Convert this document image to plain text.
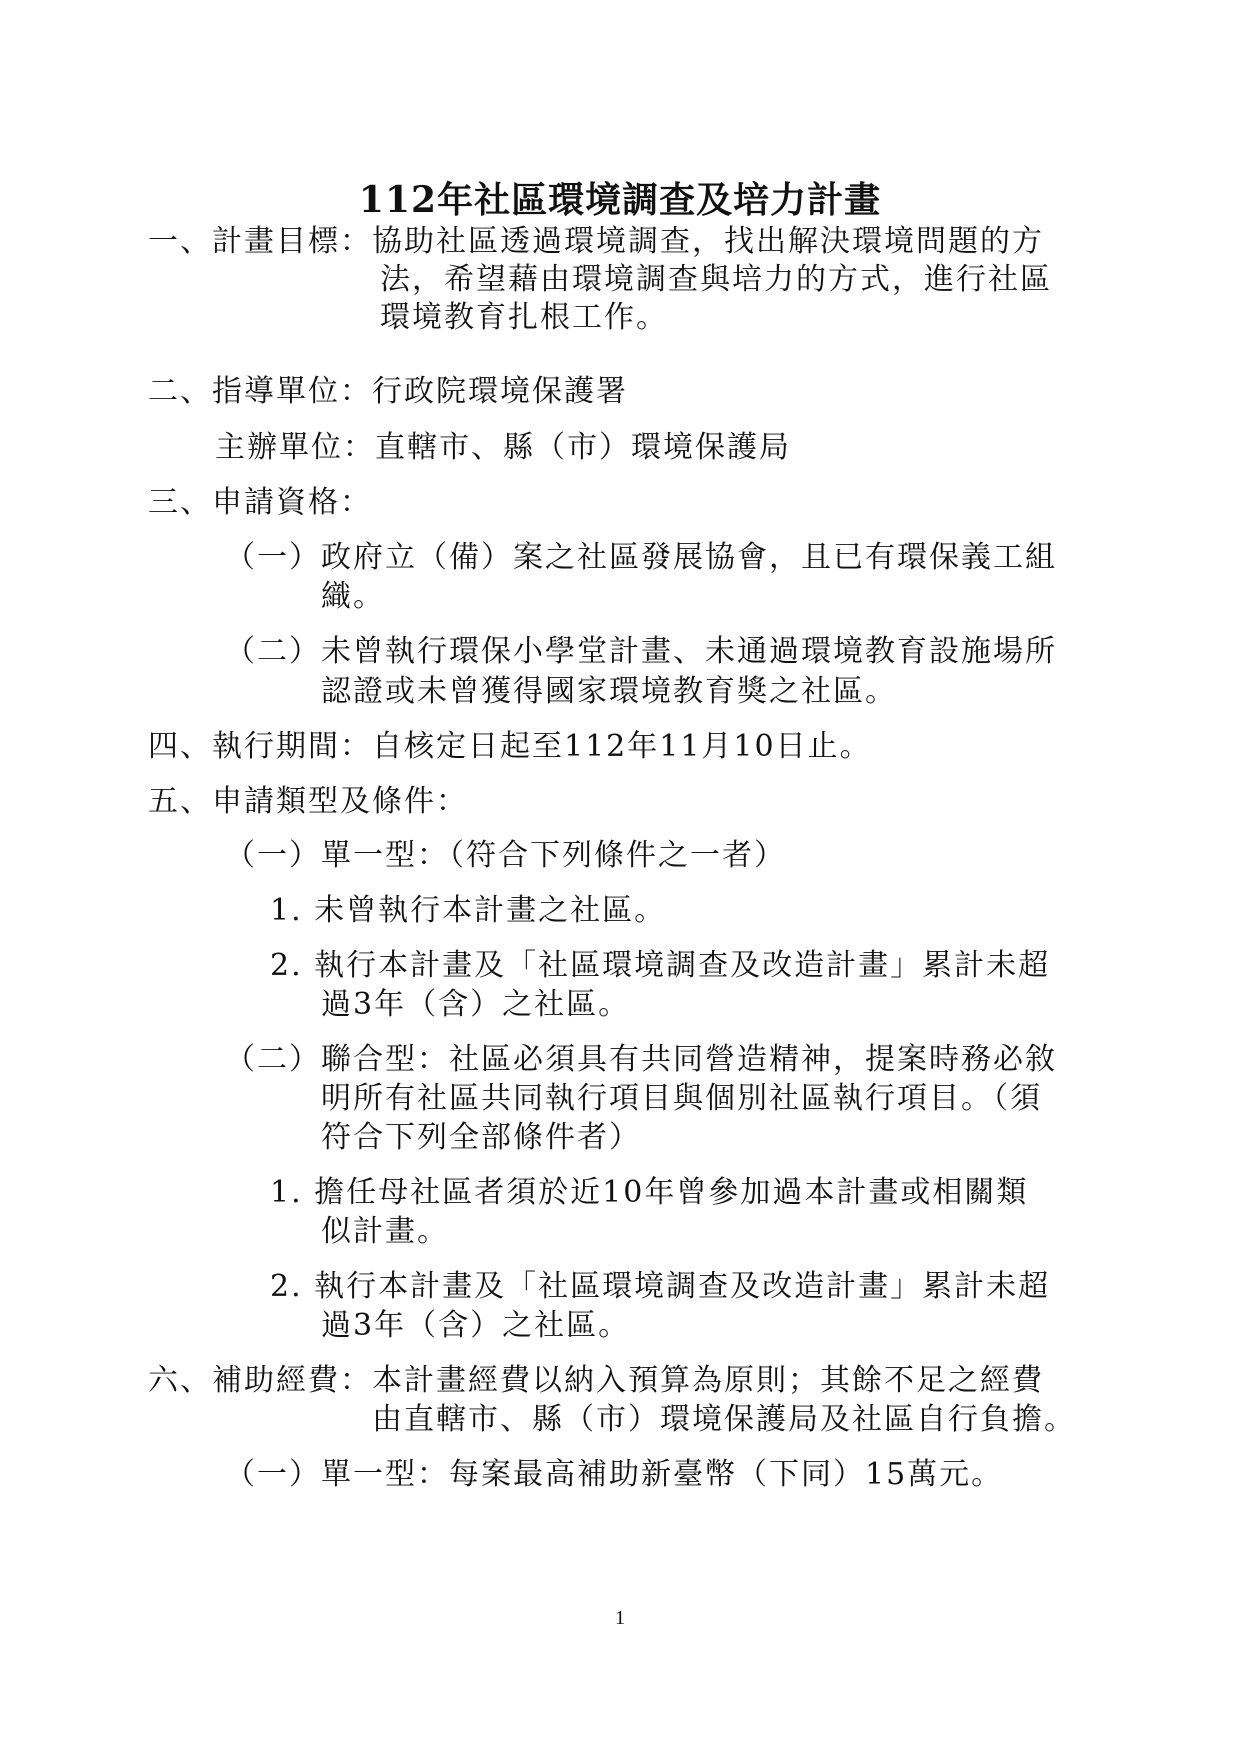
112年社區環境調查及培力計畫
一、計畫目標：協助社區透過環境調查，找出解決環境問題的方
法，希望藉由環境調查與培力的方式，進行社區
環境教育扎根工作。
二、指導單位：行政院環境保護署
主辦單位：直轄市、縣（市）環境保護局
三、申請資格：
（一）政府立（備）案之社區發展協會，且已有環保義工組
織。
（二）未曾執行環保小學堂計畫、未通過環境教育設施場所
認證或未曾獲得國家環境教育獎之社區。
四、執行期間：自核定日起至112年11月10日止。
五、申請類型及條件：
（一）單一型：（符合下列條件之一者）
1. 未曾執行本計畫之社區。
2. 執行本計畫及「社區環境調查及改造計畫」累計未超
過3年（含）之社區。
（二）聯合型：社區必須具有共同營造精神，提案時務必敘
明所有社區共同執行項目與個別社區執行項目。（須
符合下列全部條件者）
1. 擔任母社區者須於近10年曾參加過本計畫或相關類
似計畫。
2. 執行本計畫及「社區環境調查及改造計畫」累計未超
過3年（含）之社區。
六、補助經費：本計畫經費以納入預算為原則；其餘不足之經費
由直轄市、縣（市）環境保護局及社區自行負擔。
（一）單一型：每案最高補助新臺幣（下同）15萬元。
1
